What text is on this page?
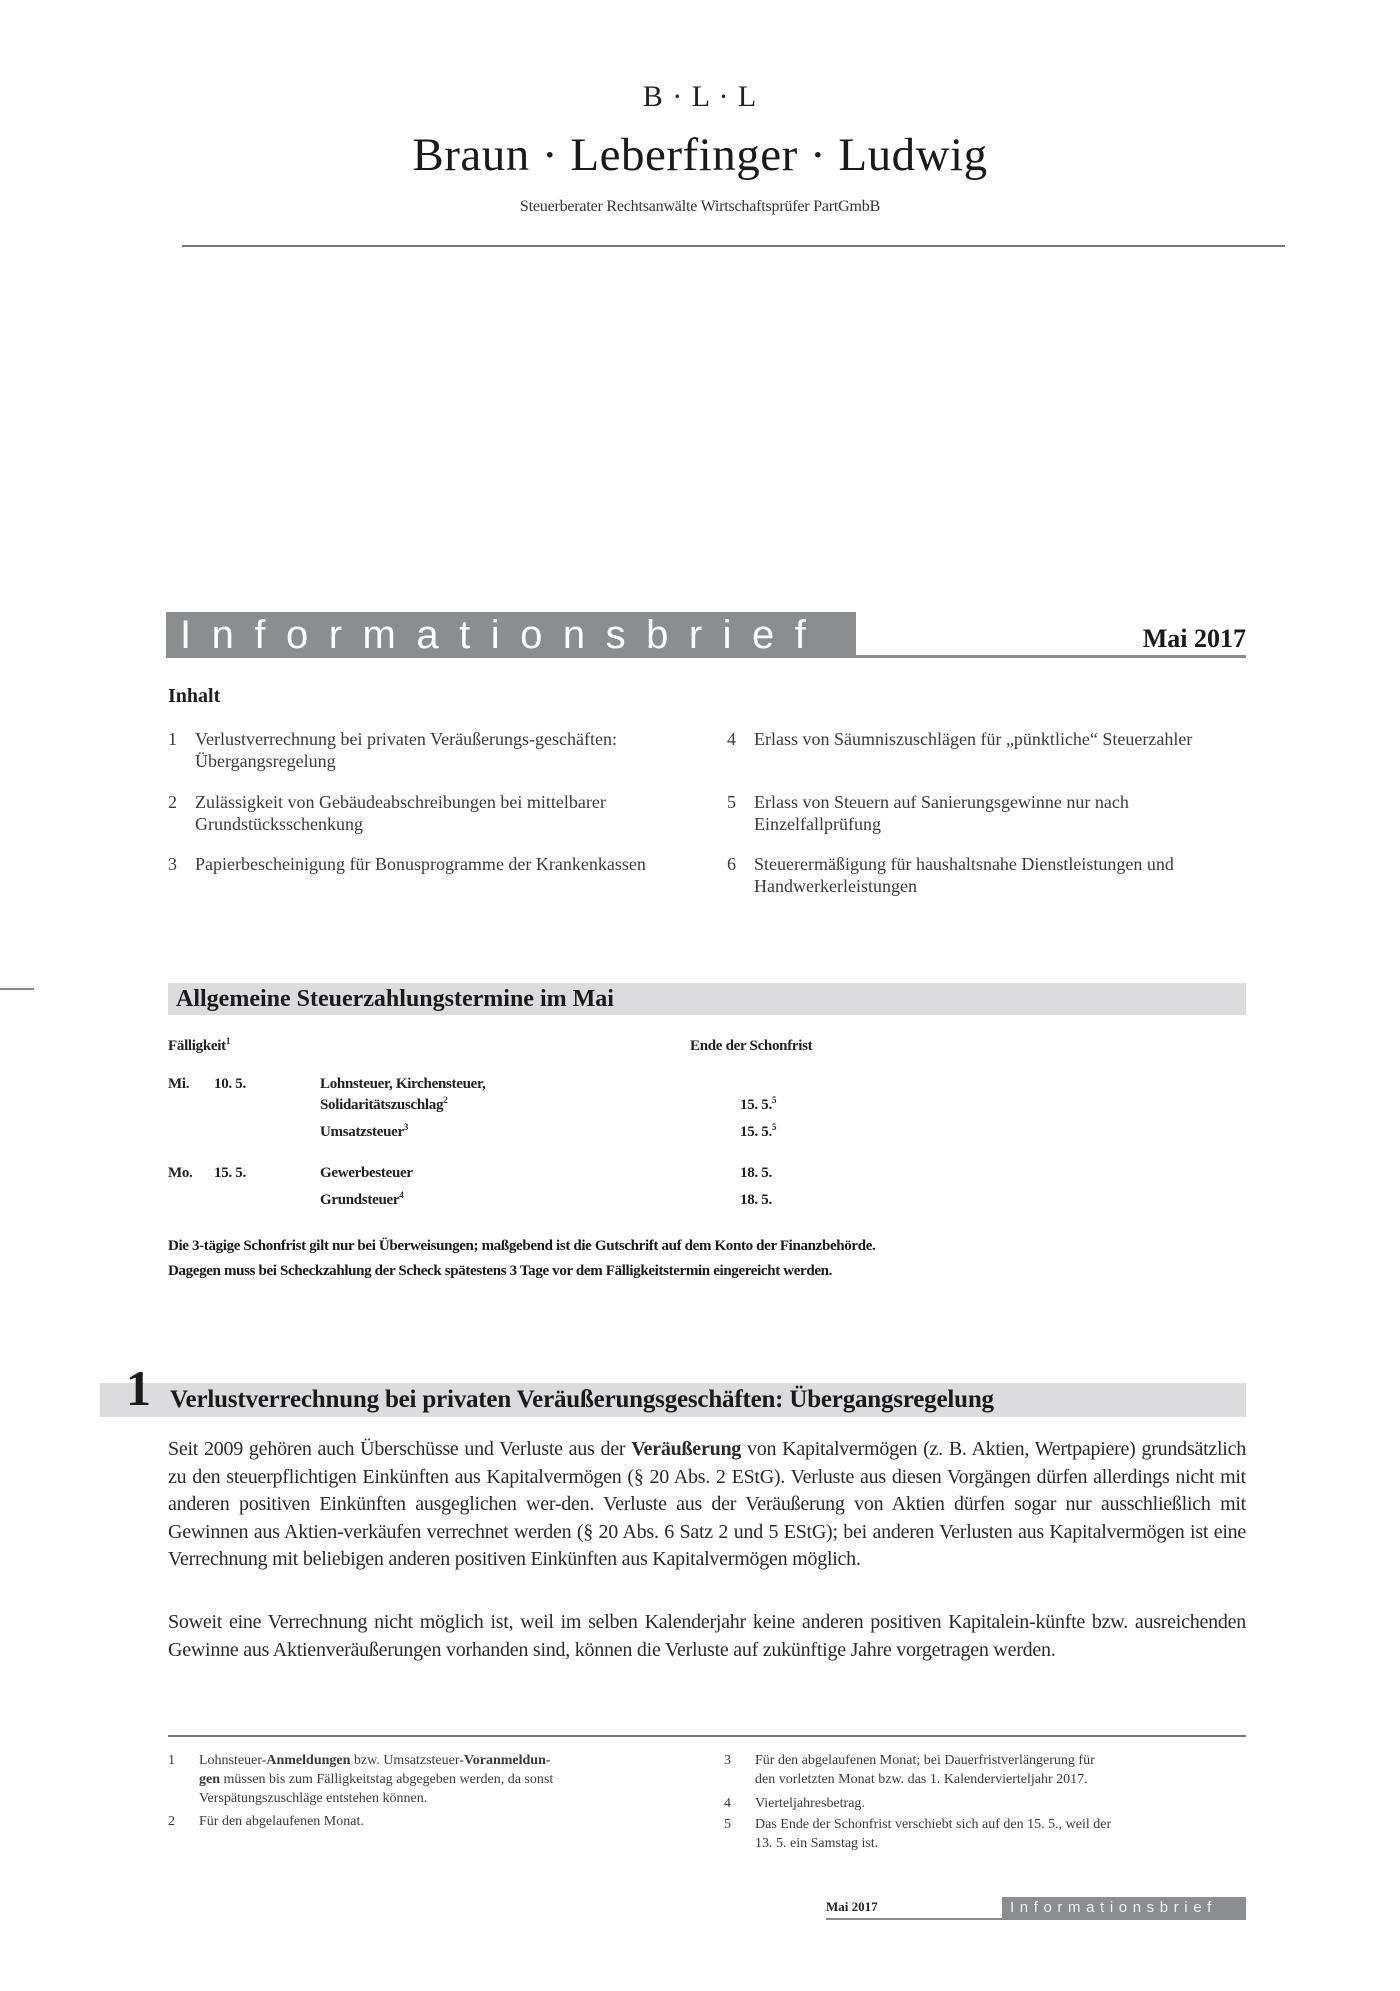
B · L · L
Braun · Leberfinger · Ludwig
Steuerberater Rechtsanwälte Wirtschaftsprüfer PartGmbB
Informationsbrief	Mai 2017
Inhalt
1	Verlustverrechnung bei privaten Veräußerungs-geschäften: Übergangsregelung
2	Zulässigkeit von Gebäudeabschreibungen bei mittelbarer Grundstücksschenkung
3	Papierbescheinigung für Bonusprogramme der Krankenkassen
4	Erlass von Säumniszuschlägen für „pünktliche“ Steuerzahler
5	Erlass von Steuern auf Sanierungsgewinne nur nach Einzelfallprüfung
6	Steuerermäßigung für haushaltsnahe Dienstleistungen und Handwerkerleistungen
Allgemeine Steuerzahlungstermine im Mai
Fälligkeit$^1$	Ende der Schonfrist
Mi. 10. 5.	Lohnsteuer, Kirchensteuer,
Solidaritätszuschlag$^2$	15. 5.$^5$
Umsatzsteuer$^3$	15. 5.$^5$
Mo. 15. 5.	Gewerbesteuer	18. 5.
Grundsteuer$^4$	18. 5.
Die 3-tägige Schonfrist gilt nur bei Überweisungen; maßgebend ist die Gutschrift auf dem Konto der Finanzbehörde.
Dagegen muss bei Scheckzahlung der Scheck spätestens 3 Tage vor dem Fälligkeitstermin eingereicht werden.
1 Verlustverrechnung bei privaten Veräußerungsgeschäften: Übergangsregelung
Seit 2009 gehören auch Überschüsse und Verluste aus der Veräußerung von Kapitalvermögen (z. B. Aktien, Wertpapiere) grundsätzlich zu den steuerpflichtigen Einkünften aus Kapitalvermögen (§ 20 Abs. 2 EStG). Verluste aus diesen Vorgängen dürfen allerdings nicht mit anderen positiven Einkünften ausgeglichen wer-den. Verluste aus der Veräußerung von Aktien dürfen sogar nur ausschließlich mit Gewinnen aus Aktien-verkäufen verrechnet werden (§ 20 Abs. 6 Satz 2 und 5 EStG); bei anderen Verlusten aus Kapitalvermögen ist eine Verrechnung mit beliebigen anderen positiven Einkünften aus Kapitalvermögen möglich.
Soweit eine Verrechnung nicht möglich ist, weil im selben Kalenderjahr keine anderen positiven Kapitalein-künfte bzw. ausreichenden Gewinne aus Aktienveräußerungen vorhanden sind, können die Verluste auf zukünftige Jahre vorgetragen werden.
1 Lohnsteuer-Anmeldungen bzw. Umsatzsteuer-Voranmeldun-
gen müssen bis zum Fälligkeitstag abgegeben werden, da sonst
Verspätungszuschläge entstehen können.
2 Für den abgelaufenen Monat.
3 Für den abgelaufenen Monat; bei Dauerfristverlängerung für
den vorletzten Monat bzw. das 1. Kalendervierteljahr 2017.
4 Vierteljahresbetrag.
5 Das Ende der Schonfrist verschiebt sich auf den 15. 5., weil der
13. 5. ein Samstag ist.
Mai 2017	Informationsbrief
